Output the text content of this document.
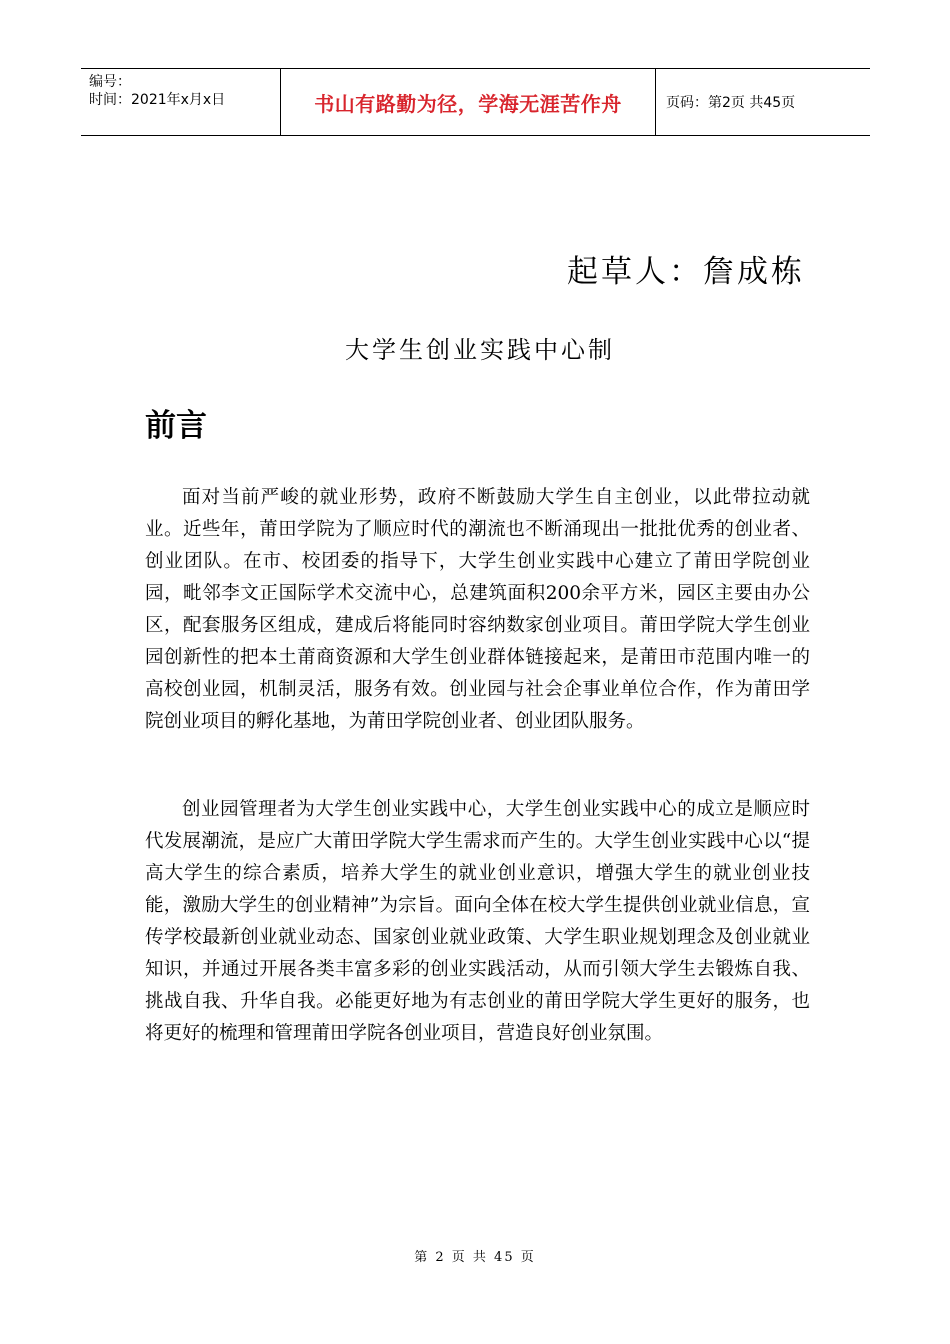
编号：
时间：2021年x月x日	书山有路勤为径，学海无涯苦作舟	页码：第2页 共45页
起草人：詹成栋
大学生创业实践中心制
前言

面对当前严峻的就业形势，政府不断鼓励大学生自主创业，以此带拉动就业。近些年，莆田学院为了顺应时代的潮流也不断涌现出一批批优秀的创业者、创业团队。在市、校团委的指导下，大学生创业实践中心建立了莆田学院创业园，毗邻李文正国际学术交流中心，总建筑面积200余平方米，园区主要由办公区，配套服务区组成，建成后将能同时容纳数家创业项目。莆田学院大学生创业园创新性的把本土莆商资源和大学生创业群体链接起来，是莆田市范围内唯一的高校创业园，机制灵活，服务有效。创业园与社会企事业单位合作，作为莆田学院创业项目的孵化基地，为莆田学院创业者、创业团队服务。

创业园管理者为大学生创业实践中心，大学生创业实践中心的成立是顺应时代发展潮流，是应广大莆田学院大学生需求而产生的。大学生创业实践中心以“提高大学生的综合素质，培养大学生的就业创业意识，增强大学生的就业创业技能，激励大学生的创业精神”为宗旨。面向全体在校大学生提供创业就业信息，宣传学校最新创业就业动态、国家创业就业政策、大学生职业规划理念及创业就业知识，并通过开展各类丰富多彩的创业实践活动，从而引领大学生去锻炼自我、挑战自我、升华自我。必能更好地为有志创业的莆田学院大学生更好的服务，也将更好的梳理和管理莆田学院各创业项目，营造良好创业氛围。

第 2 页 共 45 页
